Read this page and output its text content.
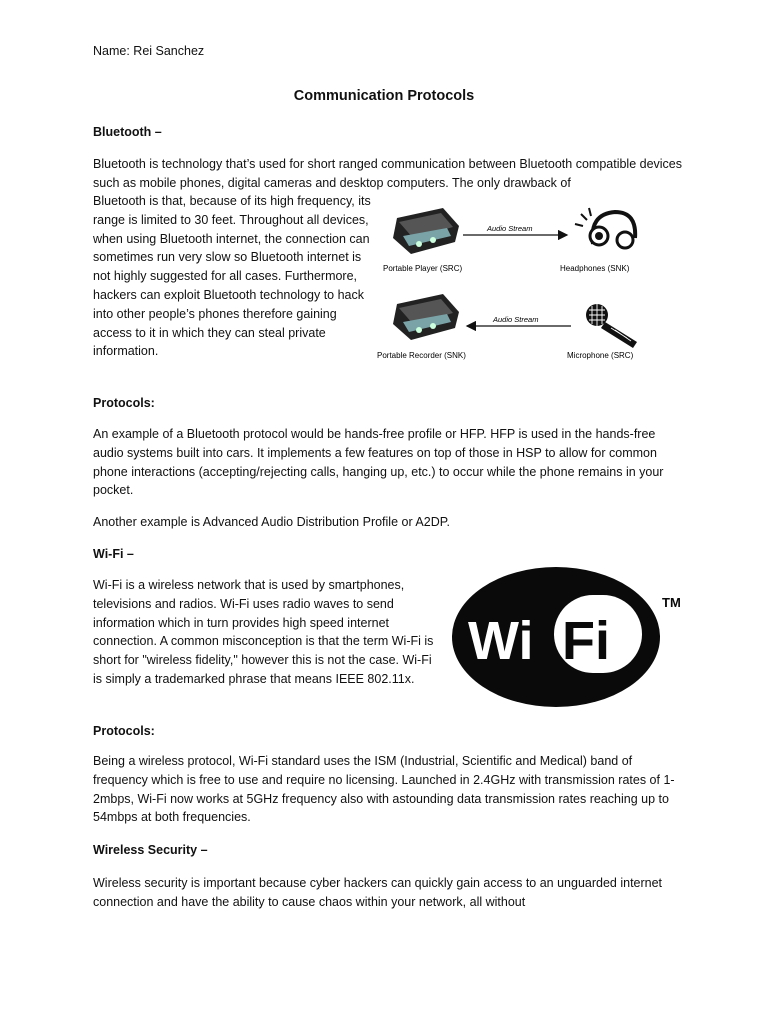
Name: Rei Sanchez

Communication Protocols

Bluetooth –

Bluetooth is technology that’s used for short ranged communication between Bluetooth compatible devices such as mobile phones, digital cameras and desktop computers. The only drawback of

Bluetooth is that, because of its high frequency, its range is limited to 30 feet. Throughout all devices, when using Bluetooth internet, the connection can sometimes run very slow so Bluetooth internet is not highly suggested for all cases. Furthermore, hackers can exploit Bluetooth technology to hack into other people’s phones therefore gaining access to it in which they can steal private information.

Audio Stream
Portable Player (SRC)	Headphones (SNK)
Audio Stream
Portable Recorder (SNK)	Microphone (SRC)

Protocols:

An example of a Bluetooth protocol would be hands-free profile or HFP. HFP is used in the hands-free audio systems built into cars. It implements a few features on top of those in HSP to allow for common phone interactions (accepting/rejecting calls, hanging up, etc.) to occur while the phone remains in your pocket.

Another example is Advanced Audio Distribution Profile or A2DP.

Wi-Fi –

Wi-Fi is a wireless network that is used by smartphones, televisions and radios. Wi-Fi uses radio waves to send information which in turn provides high speed internet connection. A common misconception is that the term Wi-Fi is short for "wireless fidelity," however this is not the case. Wi-Fi is simply a trademarked phrase that means IEEE 802.11x.

Wi Fi
TM

Protocols:

Being a wireless protocol, Wi-Fi standard uses the ISM (Industrial, Scientific and Medical) band of frequency which is free to use and require no licensing. Launched in 2.4GHz with transmission rates of 1-2mbps, Wi-Fi now works at 5GHz frequency also with astounding data transmission rates reaching up to 54mbps at both frequencies.

Wireless Security –

Wireless security is important because cyber hackers can quickly gain access to an unguarded internet connection and have the ability to cause chaos within your network, all without
